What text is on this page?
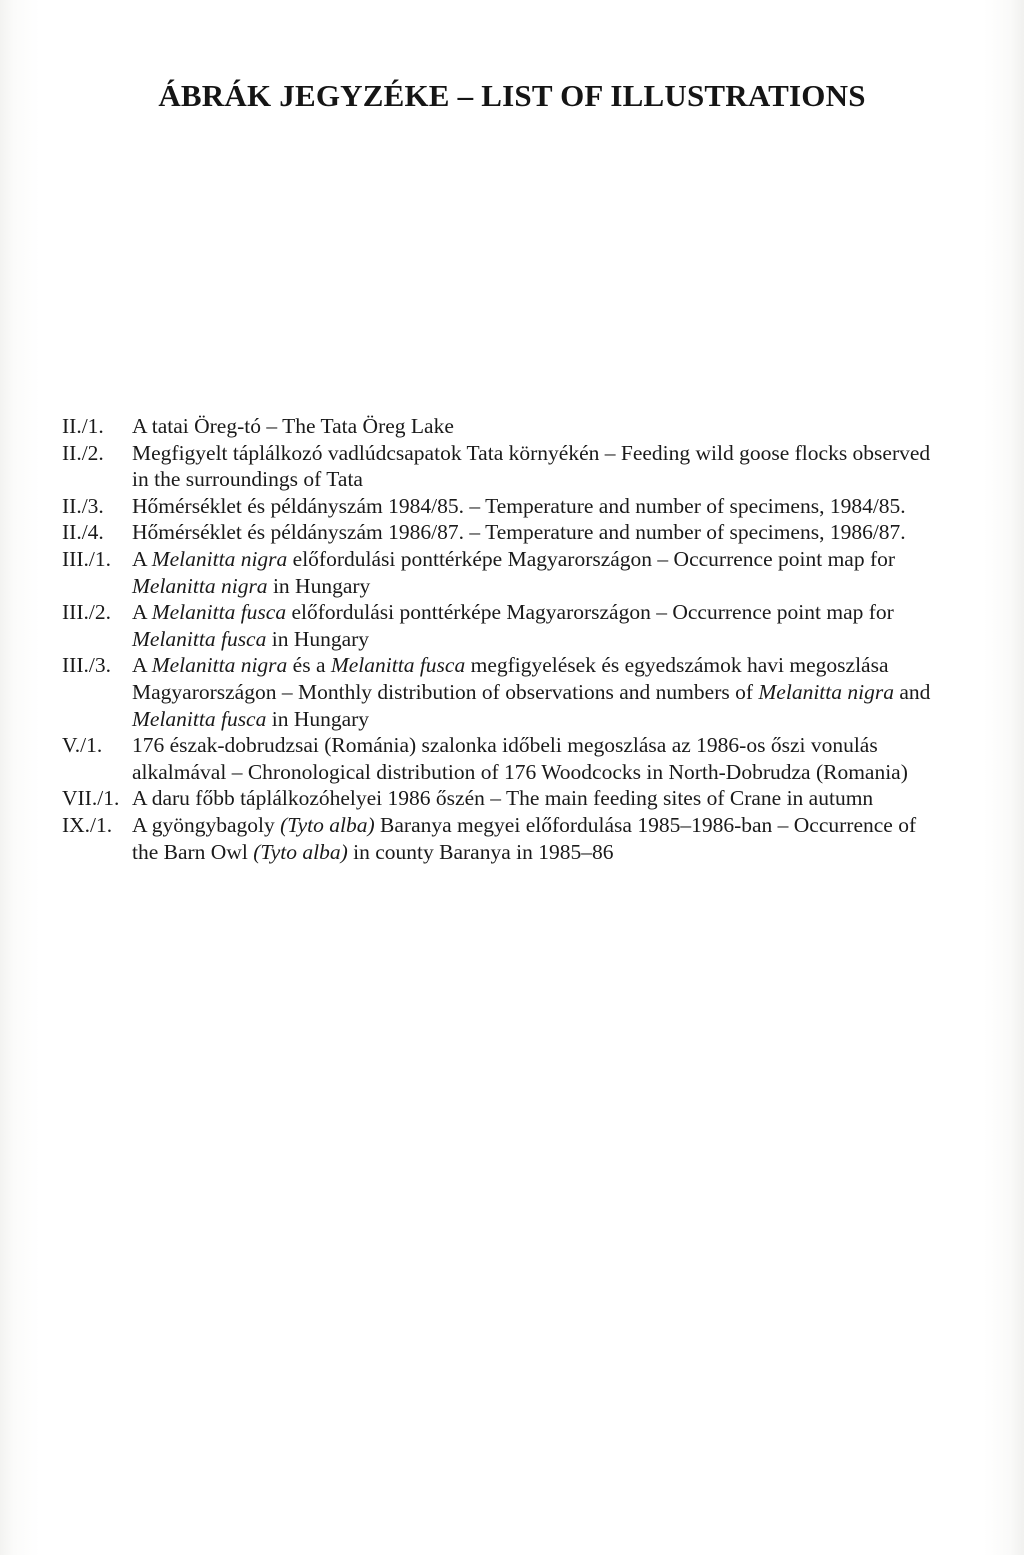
ÁBRÁK JEGYZÉKE – LIST OF ILLUSTRATIONS
II./1.	A tatai Öreg-tó – The Tata Öreg Lake
II./2.	Megfigyelt táplálkozó vadlúdcsapatok Tata környékén – Feeding wild goose flocks observed in the surroundings of Tata
II./3.	Hőmérséklet és példányszám 1984/85. – Temperature and number of specimens, 1984/85.
II./4.	Hőmérséklet és példányszám 1986/87. – Temperature and number of specimens, 1986/87.
III./1. A Melanitta nigra előfordulási ponttérképe Magyarországon – Occurrence point map for Melanitta nigra in Hungary
III./2. A Melanitta fusca előfordulási ponttérképe Magyarországon – Occurrence point map for Melanitta fusca in Hungary
III./3. A Melanitta nigra és a Melanitta fusca megfigyelések és egyedszámok havi megoszlása Magyarországon – Monthly distribution of observations and numbers of Melanitta nigra and Melanitta fusca in Hungary
V./1.	176 észak-dobrudzsai (Románia) szalonka időbeli megoszlása az 1986-os őszi vonulás alkalmával – Chronological distribution of 176 Woodcocks in North-Dobrudza (Romania)
VII./1. A daru főbb táplálkozóhelyei 1986 őszén – The main feeding sites of Crane in autumn
IX./1. A gyöngybagoly (Tyto alba) Baranya megyei előfordulása 1985–1986-ban – Occurrence of the Barn Owl (Tyto alba) in county Baranya in 1985–86
